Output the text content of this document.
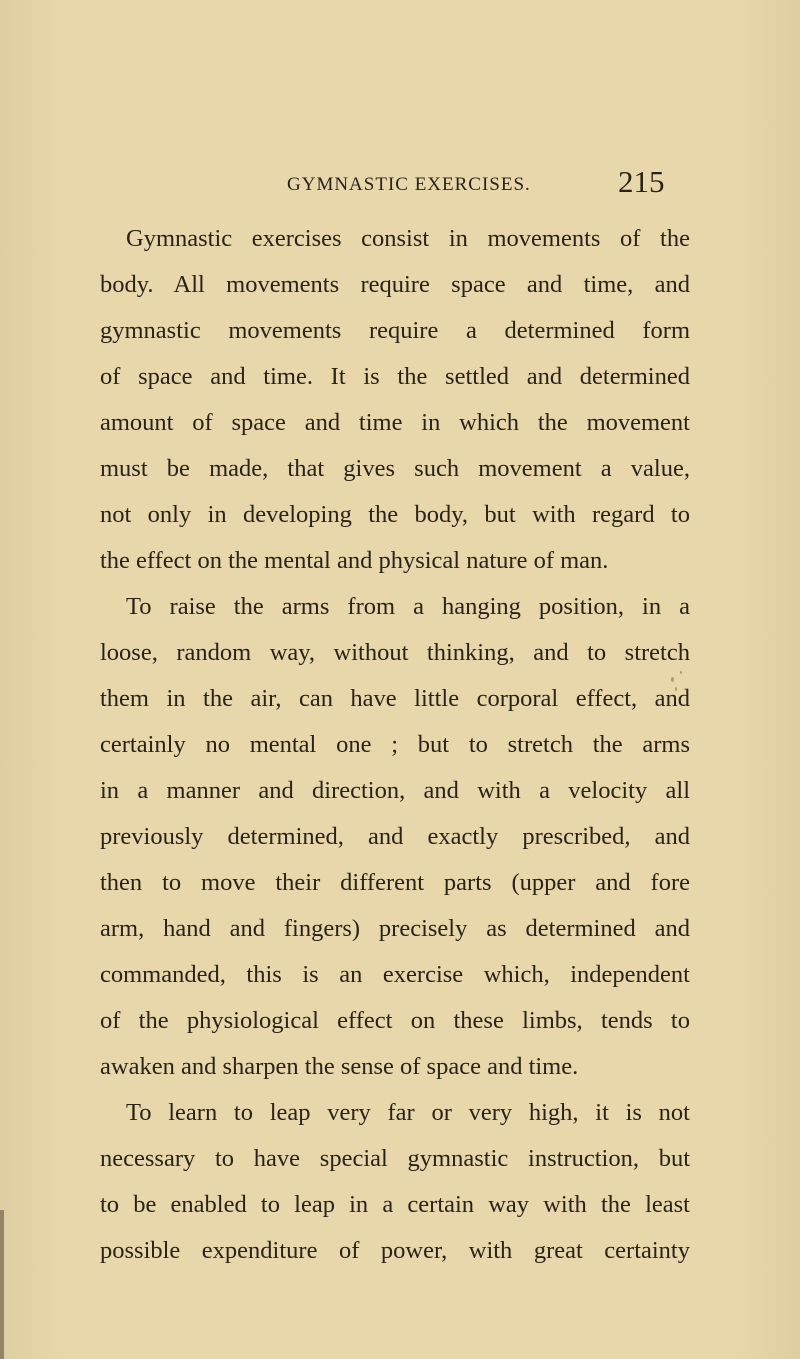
GYMNASTIC EXERCISES.	215
Gymnastic exercises consist in movements of the
body. All movements require space and time, and
gymnastic movements require a determined form
of space and time. It is the settled and determined
amount of space and time in which the movement
must be made, that gives such movement a value,
not only in developing the body, but with regard to
the effect on the mental and physical nature of man.
To raise the arms from a hanging position, in a
loose, random way, without thinking, and to stretch
them in the air, can have little corporal effect, and
certainly no mental one ; but to stretch the arms
in a manner and direction, and with a velocity all
previously determined, and exactly prescribed, and
then to move their different parts (upper and fore
arm, hand and fingers) precisely as determined and
commanded, this is an exercise which, independent
of the physiological effect on these limbs, tends to
awaken and sharpen the sense of space and time.
To learn to leap very far or very high, it is not
necessary to have special gymnastic instruction, but
to be enabled to leap in a certain way with the least
possible expenditure of power, with great certainty
